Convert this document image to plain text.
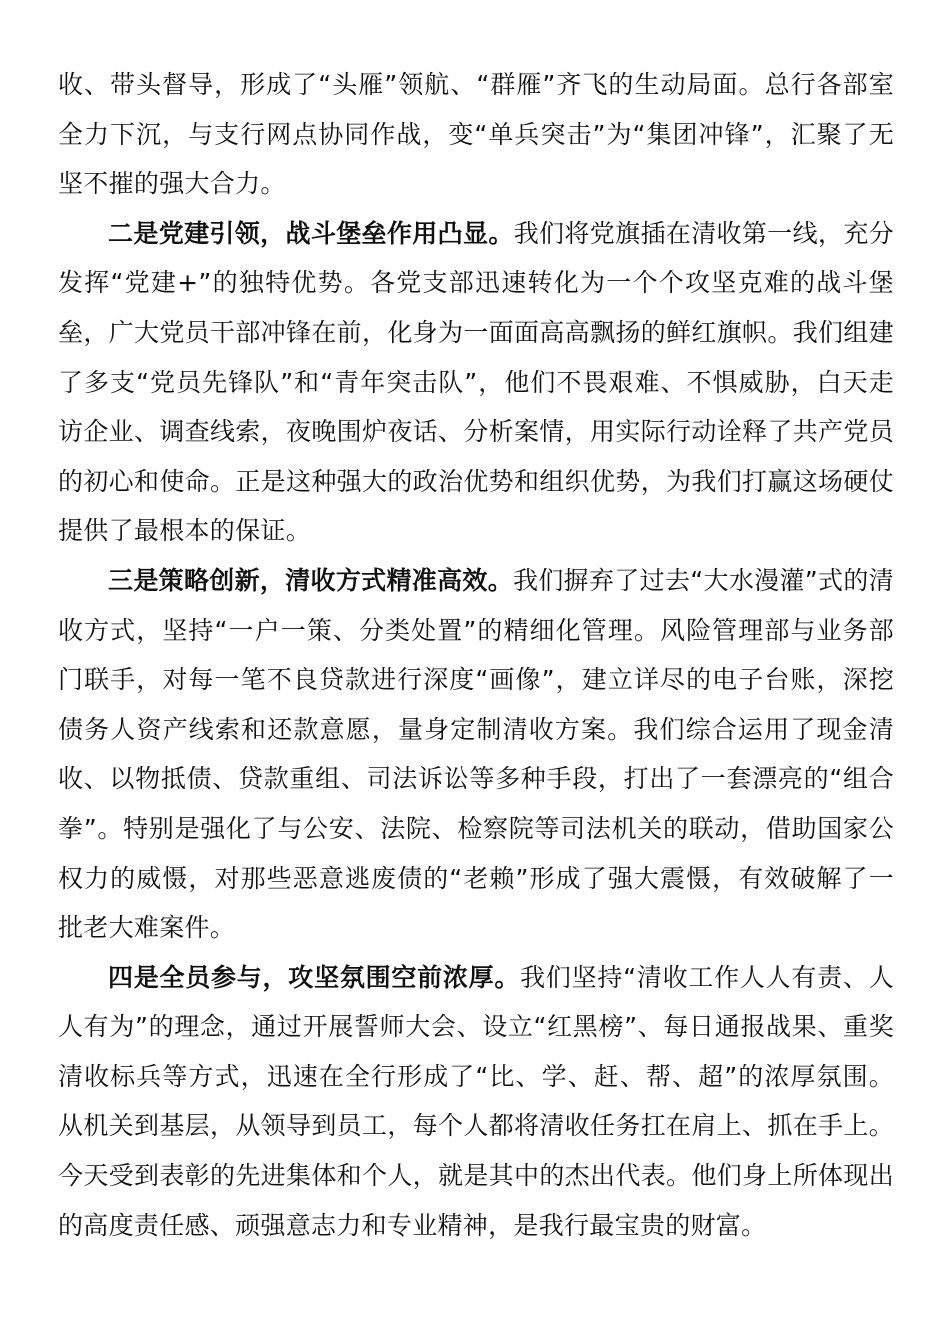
收、带头督导，形成了“头雁”领航、“群雁”齐飞的生动局面。总行各部室全力下沉，与支行网点协同作战，变“单兵突击”为“集团冲锋”，汇聚了无坚不摧的强大合力。

二是党建引领，战斗堡垒作用凸显。我们将党旗插在清收第一线，充分发挥“党建+”的独特优势。各党支部迅速转化为一个个攻坚克难的战斗堡垒，广大党员干部冲锋在前，化身为一面面高高飘扬的鲜红旗帜。我们组建了多支“党员先锋队”和“青年突击队”，他们不畏艰难、不惧威胁，白天走访企业、调查线索，夜晚围炉夜话、分析案情，用实际行动诠释了共产党员的初心和使命。正是这种强大的政治优势和组织优势，为我们打赢这场硬仗提供了最根本的保证。

三是策略创新，清收方式精准高效。我们摒弃了过去“大水漫灌”式的清收方式，坚持“一户一策、分类处置”的精细化管理。风险管理部与业务部门联手，对每一笔不良贷款进行深度“画像”，建立详尽的电子台账，深挖债务人资产线索和还款意愿，量身定制清收方案。我们综合运用了现金清收、以物抵债、贷款重组、司法诉讼等多种手段，打出了一套漂亮的“组合拳”。特别是强化了与公安、法院、检察院等司法机关的联动，借助国家公权力的威慑，对那些恶意逃废债的“老赖”形成了强大震慑，有效破解了一批老大难案件。

四是全员参与，攻坚氛围空前浓厚。我们坚持“清收工作人人有责、人人有为”的理念，通过开展誓师大会、设立“红黑榜”、每日通报战果、重奖清收标兵等方式，迅速在全行形成了“比、学、赶、帮、超”的浓厚氛围。从机关到基层，从领导到员工，每个人都将清收任务扛在肩上、抓在手上。今天受到表彰的先进集体和个人，就是其中的杰出代表。他们身上所体现出的高度责任感、顽强意志力和专业精神，是我行最宝贵的财富。
